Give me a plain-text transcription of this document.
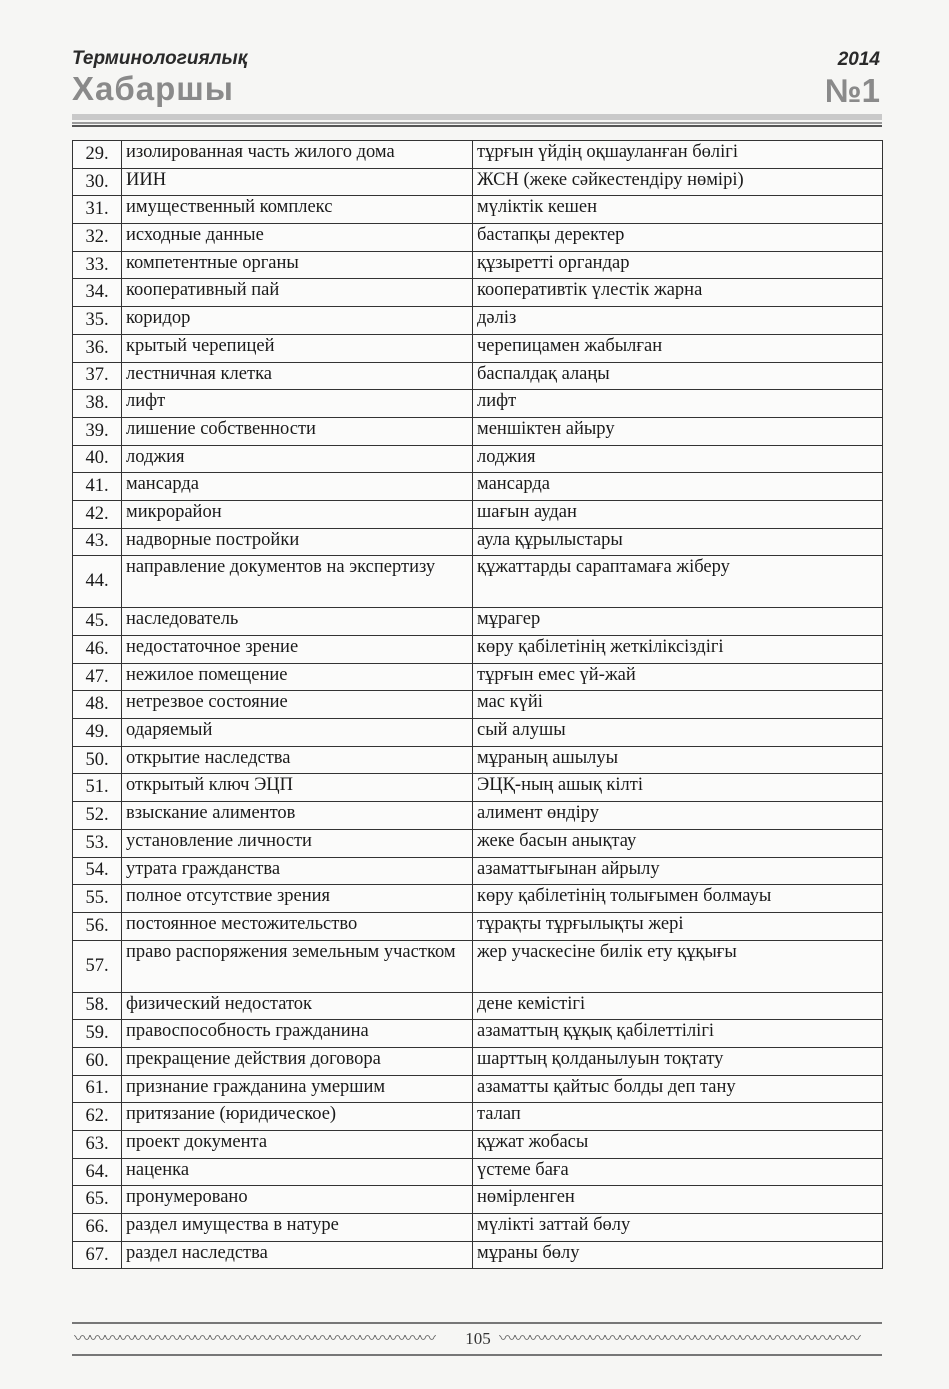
Терминологиялық
Хабаршы
2014
№1
29.	изолированная часть жилого дома	тұрғын үйдің оқшауланған бөлігі
30.	ИИН	ЖСН (жеке сәйкестендіру нөмірі)
31.	имущественный комплекс	мүліктік кешен
32.	исходные данные	бастапқы деректер
33.	компетентные органы	құзыретті органдар
34.	кооперативный пай	кооперативтік үлестік жарна
35.	коридор	дәліз
36.	крытый черепицей	черепицамен жабылған
37.	лестничная клетка	баспалдақ алаңы
38.	лифт	лифт
39.	лишение собственности	меншіктен айыру
40.	лоджия	лоджия
41.	мансарда	мансарда
42.	микрорайон	шағын аудан
43.	надворные постройки	аула құрылыстары
44.	направление документов на экспертизу	құжаттарды сараптамаға жіберу
45.	наследователь	мұрагер
46.	недостаточное зрение	көру қабілетінің жеткіліксіздігі
47.	нежилое помещение	тұрғын емес үй-жай
48.	нетрезвое состояние	мас күйі
49.	одаряемый	сый алушы
50.	открытие наследства	мұраның ашылуы
51.	открытый ключ ЭЦП	ЭЦҚ-ның ашық кілті
52.	взыскание алиментов	алимент өндіру
53.	установление личности	жеке басын анықтау
54.	утрата гражданства	азаматтығынан айрылу
55.	полное отсутствие зрения	көру қабілетінің толығымен болмауы
56.	постоянное местожительство	тұрақты тұрғылықты жері
57.	право распоряжения земельным участком	жер учаскесіне билік ету құқығы
58.	физический недостаток	дене кемістігі
59.	правоспособность гражданина	азаматтың құқық қабілеттілігі
60.	прекращение действия договора	шарттың қолданылуын тоқтату
61.	признание гражданина умершим	азаматты қайтыс болды деп тану
62.	притязание (юридическое)	талап
63.	проект документа	құжат жобасы
64.	наценка	үстеме баға
65.	пронумеровано	нөмірленген
66.	раздел имущества в натуре	мүлікті заттай бөлу
67.	раздел наследства	мұраны бөлу
〰〰〰〰〰〰〰〰〰〰〰〰〰〰〰〰〰〰〰〰〰〰〰〰	105 〰〰〰〰〰〰〰〰〰〰〰〰〰〰〰〰〰〰〰〰〰〰〰〰
